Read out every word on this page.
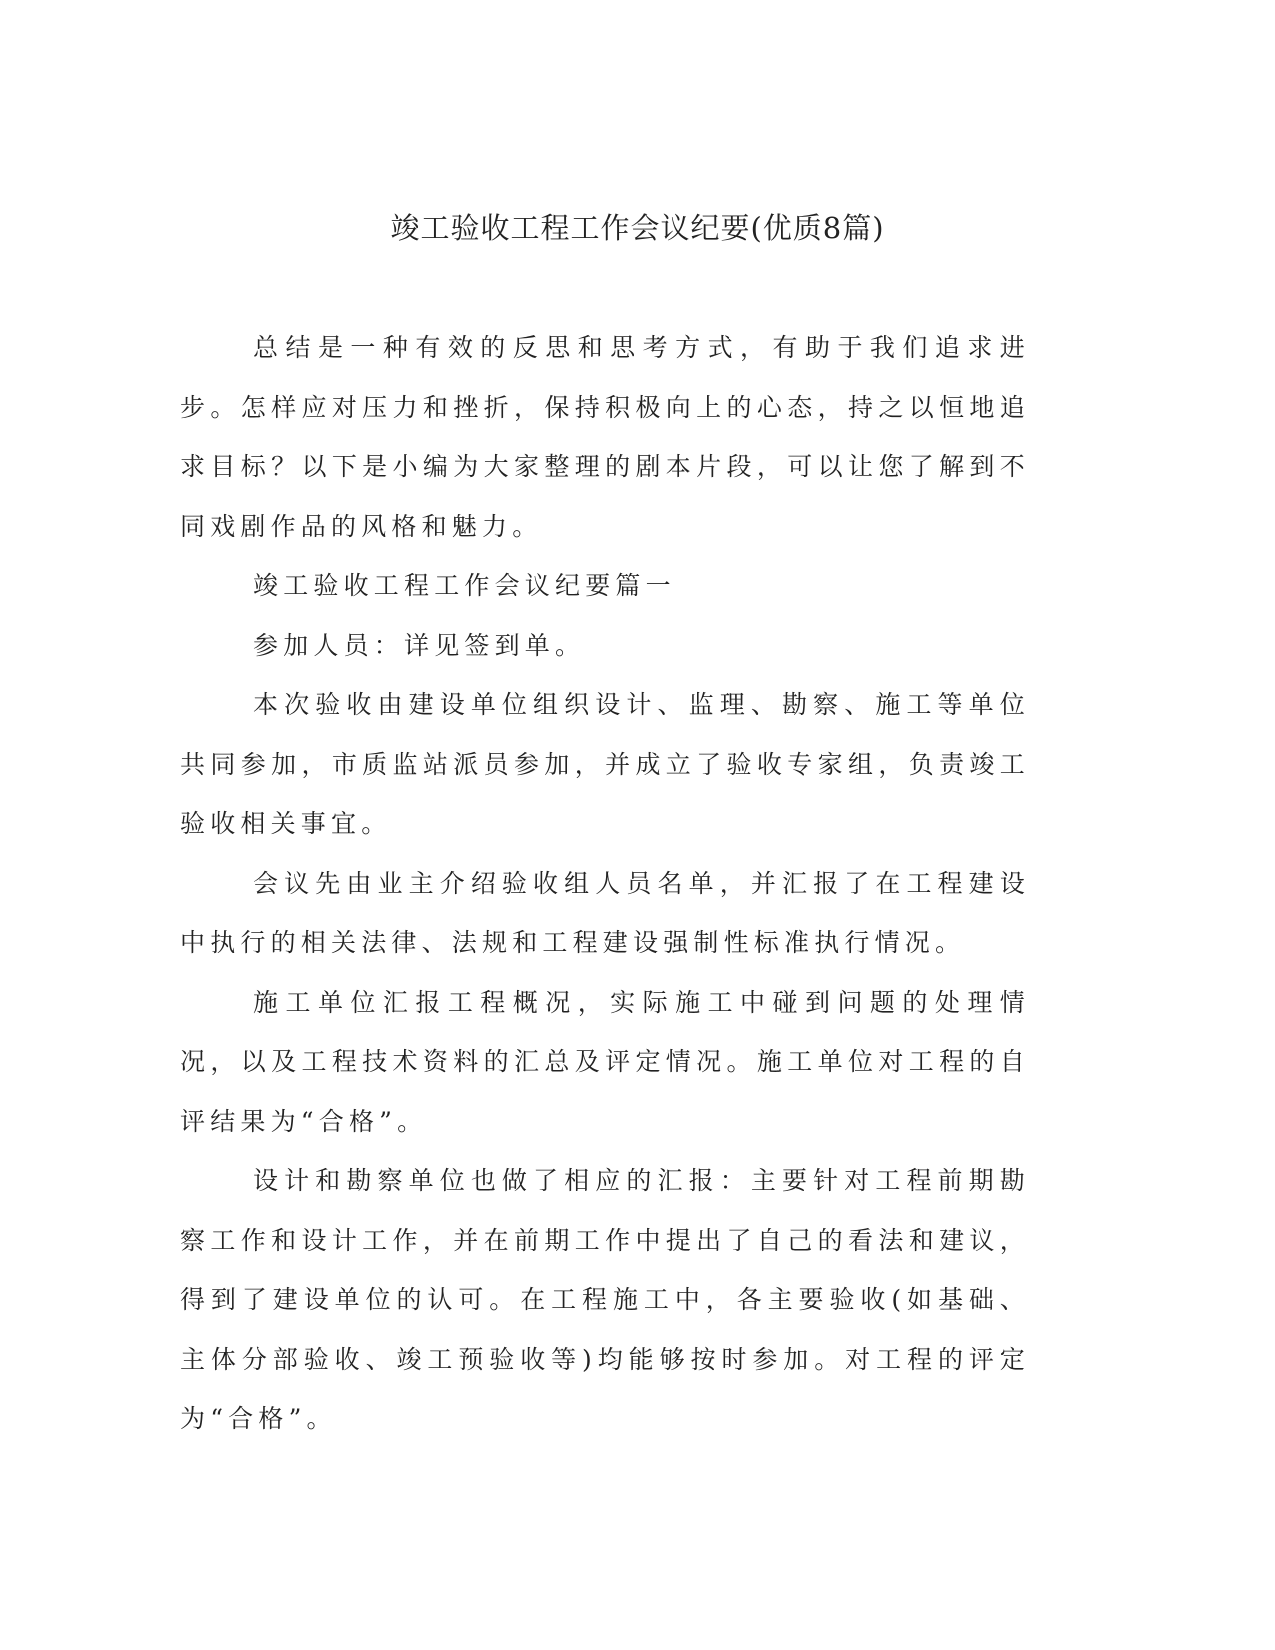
竣工验收工程工作会议纪要(优质8篇)

总结是一种有效的反思和思考方式，有助于我们追求进步。怎样应对压力和挫折，保持积极向上的心态，持之以恒地追求目标？以下是小编为大家整理的剧本片段，可以让您了解到不同戏剧作品的风格和魅力。

竣工验收工程工作会议纪要篇一

参加人员：详见签到单。

本次验收由建设单位组织设计、监理、勘察、施工等单位共同参加，市质监站派员参加，并成立了验收专家组，负责竣工验收相关事宜。

会议先由业主介绍验收组人员名单，并汇报了在工程建设中执行的相关法律、法规和工程建设强制性标准执行情况。

施工单位汇报工程概况，实际施工中碰到问题的处理情况，以及工程技术资料的汇总及评定情况。施工单位对工程的自评结果为“合格”。

设计和勘察单位也做了相应的汇报：主要针对工程前期勘察工作和设计工作，并在前期工作中提出了自己的看法和建议，得到了建设单位的认可。在工程施工中，各主要验收(如基础、主体分部验收、竣工预验收等)均能够按时参加。对工程的评定为“合格”。
